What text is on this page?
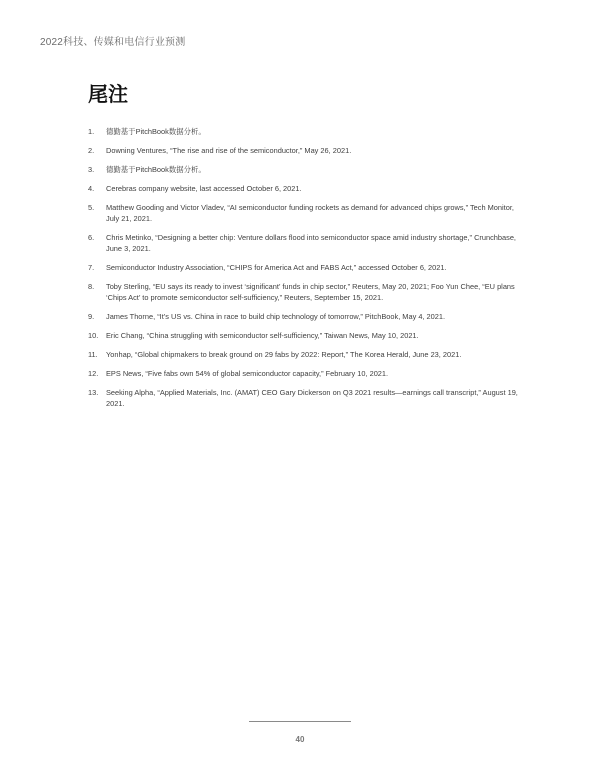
2022科技、传媒和电信行业预测
尾注
1.	德勤基于PitchBook数据分析。
2.	Downing Ventures, “The rise and rise of the semiconductor,” May 26, 2021.
3.	德勤基于PitchBook数据分析。
4.	Cerebras company website, last accessed October 6, 2021.
5.	Matthew Gooding and Victor Vladev, “AI semiconductor funding rockets as demand for advanced chips grows,” Tech Monitor, July 21, 2021.
6.	Chris Metinko, “Designing a better chip: Venture dollars flood into semiconductor space amid industry shortage,” Crunchbase, June 3, 2021.
7.	Semiconductor Industry Association, “CHIPS for America Act and FABS Act,” accessed October 6, 2021.
8.	Toby Sterling, “EU says its ready to invest ‘significant’ funds in chip sector,” Reuters, May 20, 2021; Foo Yun Chee, “EU plans ‘Chips Act’ to promote semiconductor self-sufficiency,” Reuters, September 15, 2021.
9.	James Thorne, “It’s US vs. China in race to build chip technology of tomorrow,” PitchBook, May 4, 2021.
10.	Eric Chang, “China struggling with semiconductor self-sufficiency,” Taiwan News, May 10, 2021.
11.	Yonhap, “Global chipmakers to break ground on 29 fabs by 2022: Report,” The Korea Herald, June 23, 2021.
12.	EPS News, “Five fabs own 54% of global semiconductor capacity,” February 10, 2021.
13.	Seeking Alpha, “Applied Materials, Inc. (AMAT) CEO Gary Dickerson on Q3 2021 results—earnings call transcript,” August 19, 2021.
40
